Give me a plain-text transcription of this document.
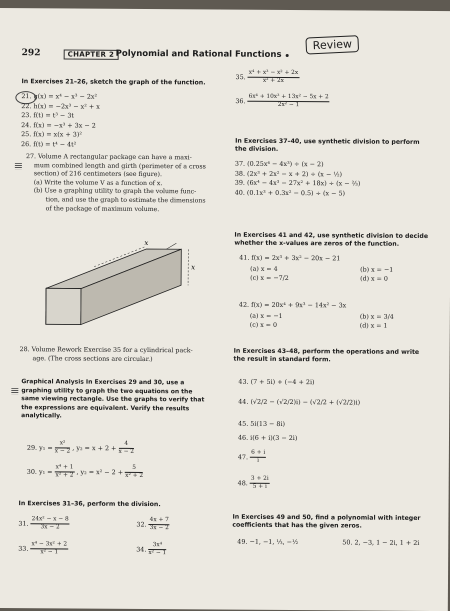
292	CHAPTER 2 Polynomial and Rational Functions
Review
In Exercises 21–26, sketch the graph of the function.
21. g(x) = x⁴ − x³ − 2x²
22. h(x) = −2x³ − x² + x
23. f(t) = t³ − 3t
24. f(x) = −x³ + 3x − 2
25. f(x) = x(x + 3)²
26. f(t) = t⁴ − 4t²
27. Volume A rectangular package can have a maxi-
mum combined length and girth (perimeter of a cross
section) of 216 centimeters (see figure).
(a) Write the volume V as a function of x.
(b) Use a graphing utility to graph the volume func-
tion, and use the graph to estimate the dimensions
of the package of maximum volume.
x
x
28. Volume Rework Exercise 35 for a cylindrical pack-
age. (The cross sections are circular.)
Graphical Analysis In Exercises 29 and 30, use a
graphing utility to graph the two equations on the
same viewing rectangle. Use the graphs to verify that
the expressions are equivalent. Verify the results
analytically.
29. $y_1 = \frac{\text{x²}}{x - 2}$ , $y_2 = x + 2 + \frac{4}{x - 2}$
30. $y_1 = \frac{\text{x⁴ + 1}}{\text{x² + 2}}$ , $y_2 = x^2 - 2 + \frac{5}{\text{x² + 2}}$
In Exercises 31–36, perform the division.
31. $\frac{\text{24x² − x − 8}}{3x - 2}$	32. $\frac{4x + 7}{3x - 2}$
33. $\frac{\text{x⁴ − 3x² + 2}}{\text{x² − 1}}$	34. $\frac{\text{3x⁴}}{\text{x² − 1}}$
35. $\frac{\text{x⁴ + x³ − x² + 2x}}{\text{x² + 2x}}$
36. $\frac{\text{6x⁴ + 10x³ + 13x² − 5x + 2}}{\text{2x² − 1}}$
In Exercises 37–40, use synthetic division to perform
the division.
37. (0.25x⁴ − 4x³) ÷ (x − 2)
38. (2x³ + 2x² − x + 2) ÷ (x − ½)
39. (6x⁴ − 4x³ − 27x² + 18x) ÷ (x − ⅔)
40. (0.1x³ + 0.3x² − 0.5) ÷ (x − 5)
In Exercises 41 and 42, use synthetic division to decide
whether the x-values are zeros of the function.
41. f(x) = 2x³ + 3x² − 20x − 21
(a) x = 4	(b) x = −1
(c) x = −7/2	(d) x = 0
42. f(x) = 20x⁴ + 9x³ − 14x² − 3x
(a) x = −1	(b) x = 3/4
(c) x = 0	(d) x = 1
In Exercises 43–48, perform the operations and write
the result in standard form.
43. (7 + 5i) + (−4 + 2i)
44. (√2/2 − (√2/2)i) − (√2/2 + (√2/2)i)
45. 5i(13 − 8i)
46. i(6 + i)(3 − 2i)
47. $\frac{6 + i}{i}$
48. $\frac{3 + 2i}{5 + i}$
In Exercises 49 and 50, find a polynomial with integer
coefficients that has the given zeros.
49. −1, −1, ⅓, −½	50. 2, −3, 1 − 2i, 1 + 2i
